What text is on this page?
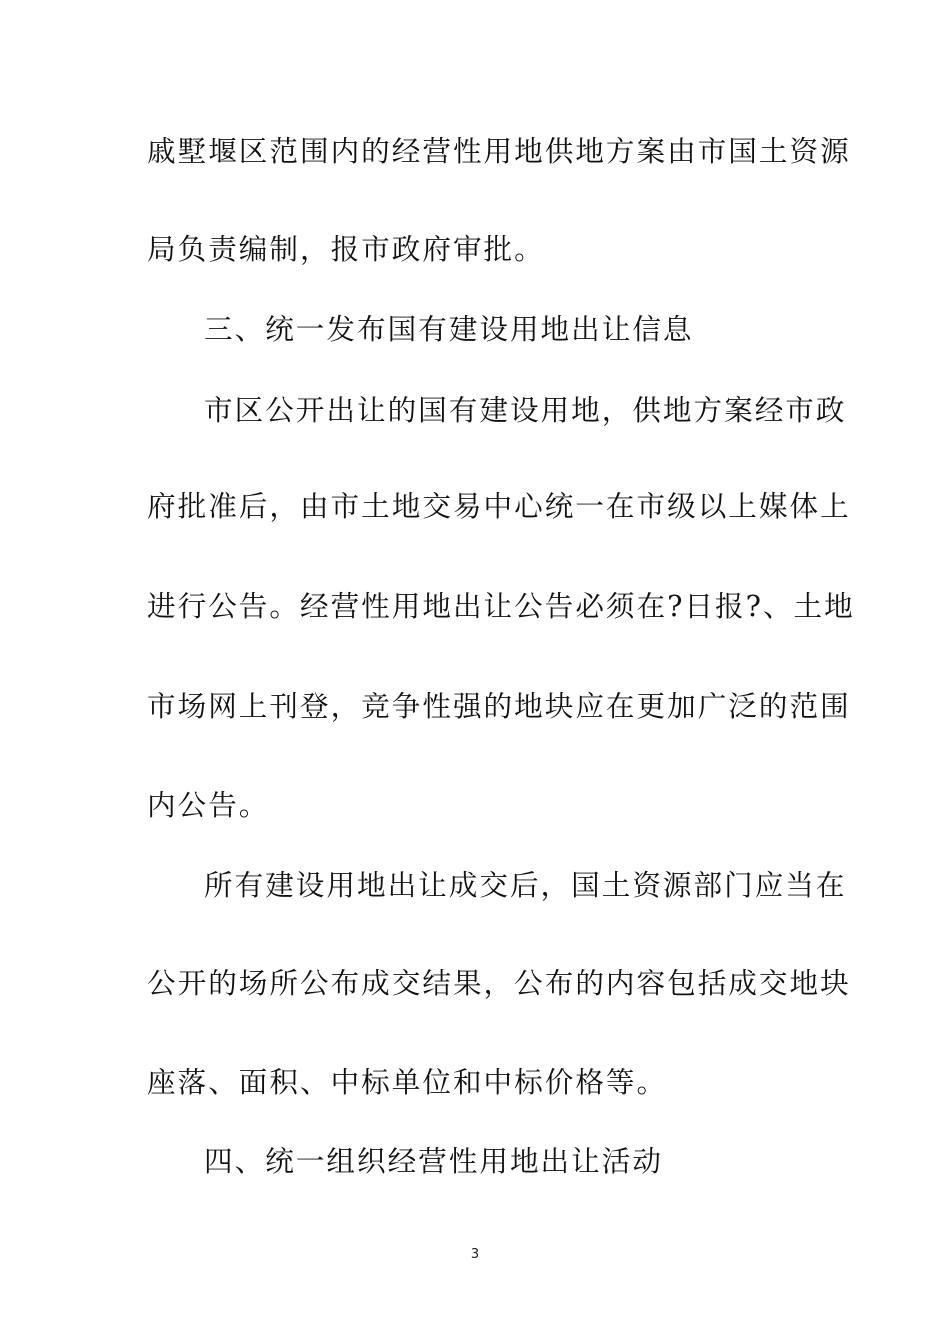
戚墅堰区范围内的经营性用地供地方案由市国土资源
局负责编制，报市政府审批。
三、统一发布国有建设用地出让信息
市区公开出让的国有建设用地，供地方案经市政
府批准后，由市土地交易中心统一在市级以上媒体上
进行公告。经营性用地出让公告必须在?日报?、土地
市场网上刊登，竞争性强的地块应在更加广泛的范围
内公告。
所有建设用地出让成交后，国土资源部门应当在
公开的场所公布成交结果，公布的内容包括成交地块
座落、面积、中标单位和中标价格等。
四、统一组织经营性用地出让活动
3
